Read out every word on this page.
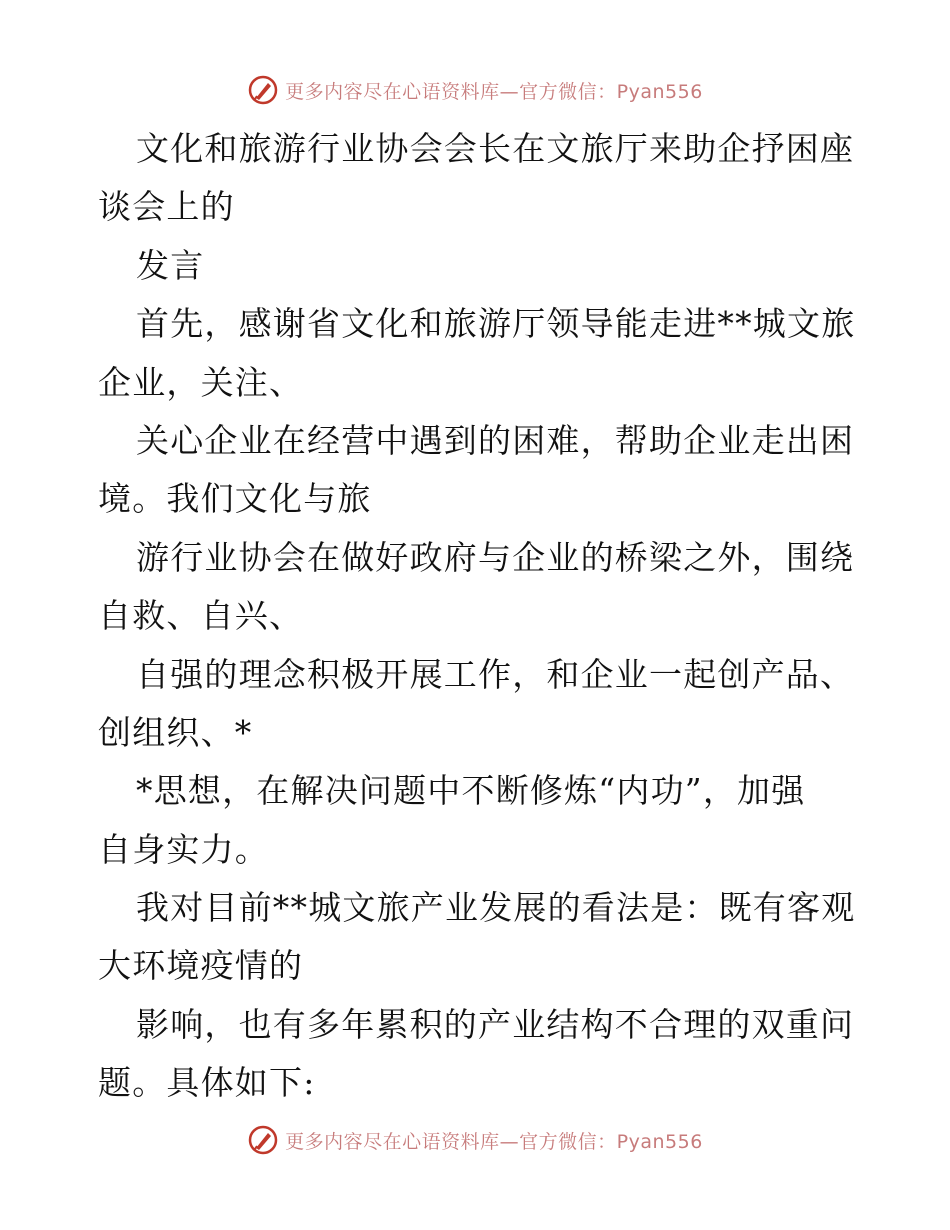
更多内容尽在心语资料库—官方微信：Pyan556
文化和旅游行业协会会长在文旅厅来助企抒困座
谈会上的
发言
首先，感谢省文化和旅游厅领导能走进**城文旅
企业，关注、
关心企业在经营中遇到的困难，帮助企业走出困
境。我们文化与旅
游行业协会在做好政府与企业的桥梁之外，围绕
自救、自兴、
自强的理念积极开展工作，和企业一起创产品、
创组织、*
*思想，在解决问题中不断修炼“内功”，加强
自身实力。
我对目前**城文旅产业发展的看法是：既有客观
大环境疫情的
影响，也有多年累积的产业结构不合理的双重问
题。具体如下:
更多内容尽在心语资料库—官方微信：Pyan556
